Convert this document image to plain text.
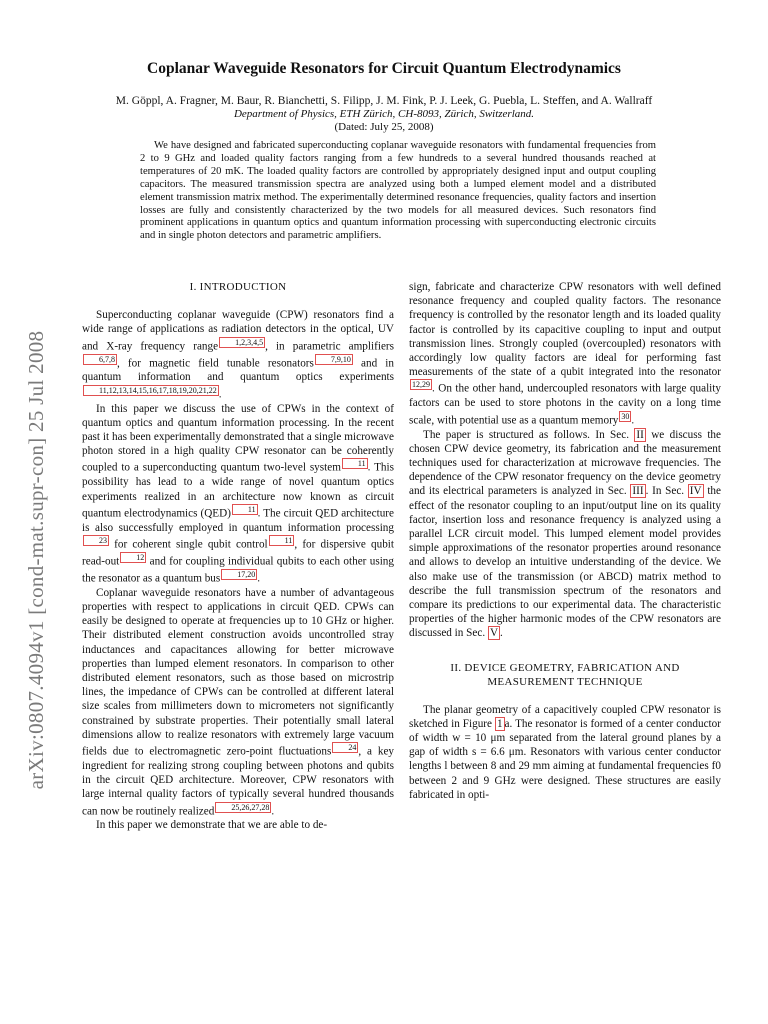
arXiv:0807.4094v1 [cond-mat.supr-con] 25 Jul 2008
Coplanar Waveguide Resonators for Circuit Quantum Electrodynamics
M. Göppl, A. Fragner, M. Baur, R. Bianchetti, S. Filipp, J. M. Fink, P. J. Leek, G. Puebla, L. Steffen, and A. Wallraff
Department of Physics, ETH Zürich, CH-8093, Zürich, Switzerland.
(Dated: July 25, 2008)
We have designed and fabricated superconducting coplanar waveguide resonators with fundamental frequencies from 2 to 9 GHz and loaded quality factors ranging from a few hundreds to a several hundred thousands reached at temperatures of 20 mK. The loaded quality factors are controlled by appropriately designed input and output coupling capacitors. The measured transmission spectra are analyzed using both a lumped element model and a distributed element transmission matrix method. The experimentally determined resonance frequencies, quality factors and insertion losses are fully and consistently characterized by the two models for all measured devices. Such resonators find prominent applications in quantum optics and quantum information processing with superconducting electronic circuits and in single photon detectors and parametric amplifiers.
I. INTRODUCTION

Superconducting coplanar waveguide (CPW) resonators find a wide range of applications as radiation detectors in the optical, UV and X-ray frequency range 1,2,3,4,5 , in parametric amplifiers6,7,8 , for magnetic field tunable resonators 7,9,10 and in quantum information and quantum optics experiments11,12,13,14,15,16,17,18,19,20,21,22 .

In this paper we discuss the use of CPWs in the context of quantum optics and quantum information processing. In the recent past it has been experimentally demonstrated that a single microwave photon stored in a high quality CPW resonator can be coherently coupled to a superconducting quantum two-level system 11 . This possibility has lead to a wide range of novel quantum optics experiments realized in an architecture now known as circuit quantum electrodynamics (QED) 11 . The circuit QED architecture is also successfully employed in quantum information processing23 for coherent single qubit control 11 , for dispersive qubit read-out 12 and for coupling individual qubits to each other using the resonator as a quantum bus 17,20 .

Coplanar waveguide resonators have a number of advantageous properties with respect to applications in circuit QED. CPWs can easily be designed to operate at frequencies up to 10 GHz or higher. Their distributed element construction avoids uncontrolled stray inductances and capacitances allowing for better microwave properties than lumped element resonators. In comparison to other distributed element resonators, such as those based on microstrip lines, the impedance of CPWs can be controlled at different lateral size scales from millimeters down to micrometers not significantly constrained by substrate properties. Their potentially small lateral dimensions allow to realize resonators with extremely large vacuum fields due to electromagnetic zero-point fluctuations 24 , a key ingredient for realizing strong coupling between photons and qubits in the circuit QED architecture. Moreover, CPW resonators with large internal quality factors of typically several hundred thousands can now be routinely realized 25,26,27,28 .

In this paper we demonstrate that we are able to de-

sign, fabricate and characterize CPW resonators with well defined resonance frequency and coupled quality factors. The resonance frequency is controlled by the resonator length and its loaded quality factor is controlled by its capacitive coupling to input and output transmission lines. Strongly coupled (overcoupled) resonators with accordingly low quality factors are ideal for performing fast measurements of the state of a qubit integrated into the resonator12,29 . On the other hand, undercoupled resonators with large quality factors can be used to store photons in the cavity on a long time scale, with potential use as a quantum memory 30 .

The paper is structured as follows. In Sec. II we discuss the chosen CPW device geometry, its fabrication and the measurement techniques used for characterization at microwave frequencies. The dependence of the CPW resonator frequency on the device geometry and its electrical parameters is analyzed in Sec. III . In Sec. IV the effect of the resonator coupling to an input/output line on its quality factor, insertion loss and resonance frequency is analyzed using a parallel LCR circuit model. This lumped element model provides simple approximations of the resonator properties around resonance and allows to develop an intuitive understanding of the device. We also make use of the transmission (or ABCD) matrix method to describe the full transmission spectrum of the resonators and compare its predictions to our experimental data. The characteristic properties of the higher harmonic modes of the CPW resonators are discussed in Sec. V .

II. DEVICE GEOMETRY, FABRICATION AND MEASUREMENT TECHNIQUE

The planar geometry of a capacitively coupled CPW resonator is sketched in Figure 1 a. The resonator is formed of a center conductor of width w = 10 μm separated from the lateral ground planes by a gap of width s = 6.6 μm. Resonators with various center conductor lengths l between 8 and 29 mm aiming at fundamental frequencies f0 between 2 and 9 GHz were designed. These structures are easily fabricated in opti-
